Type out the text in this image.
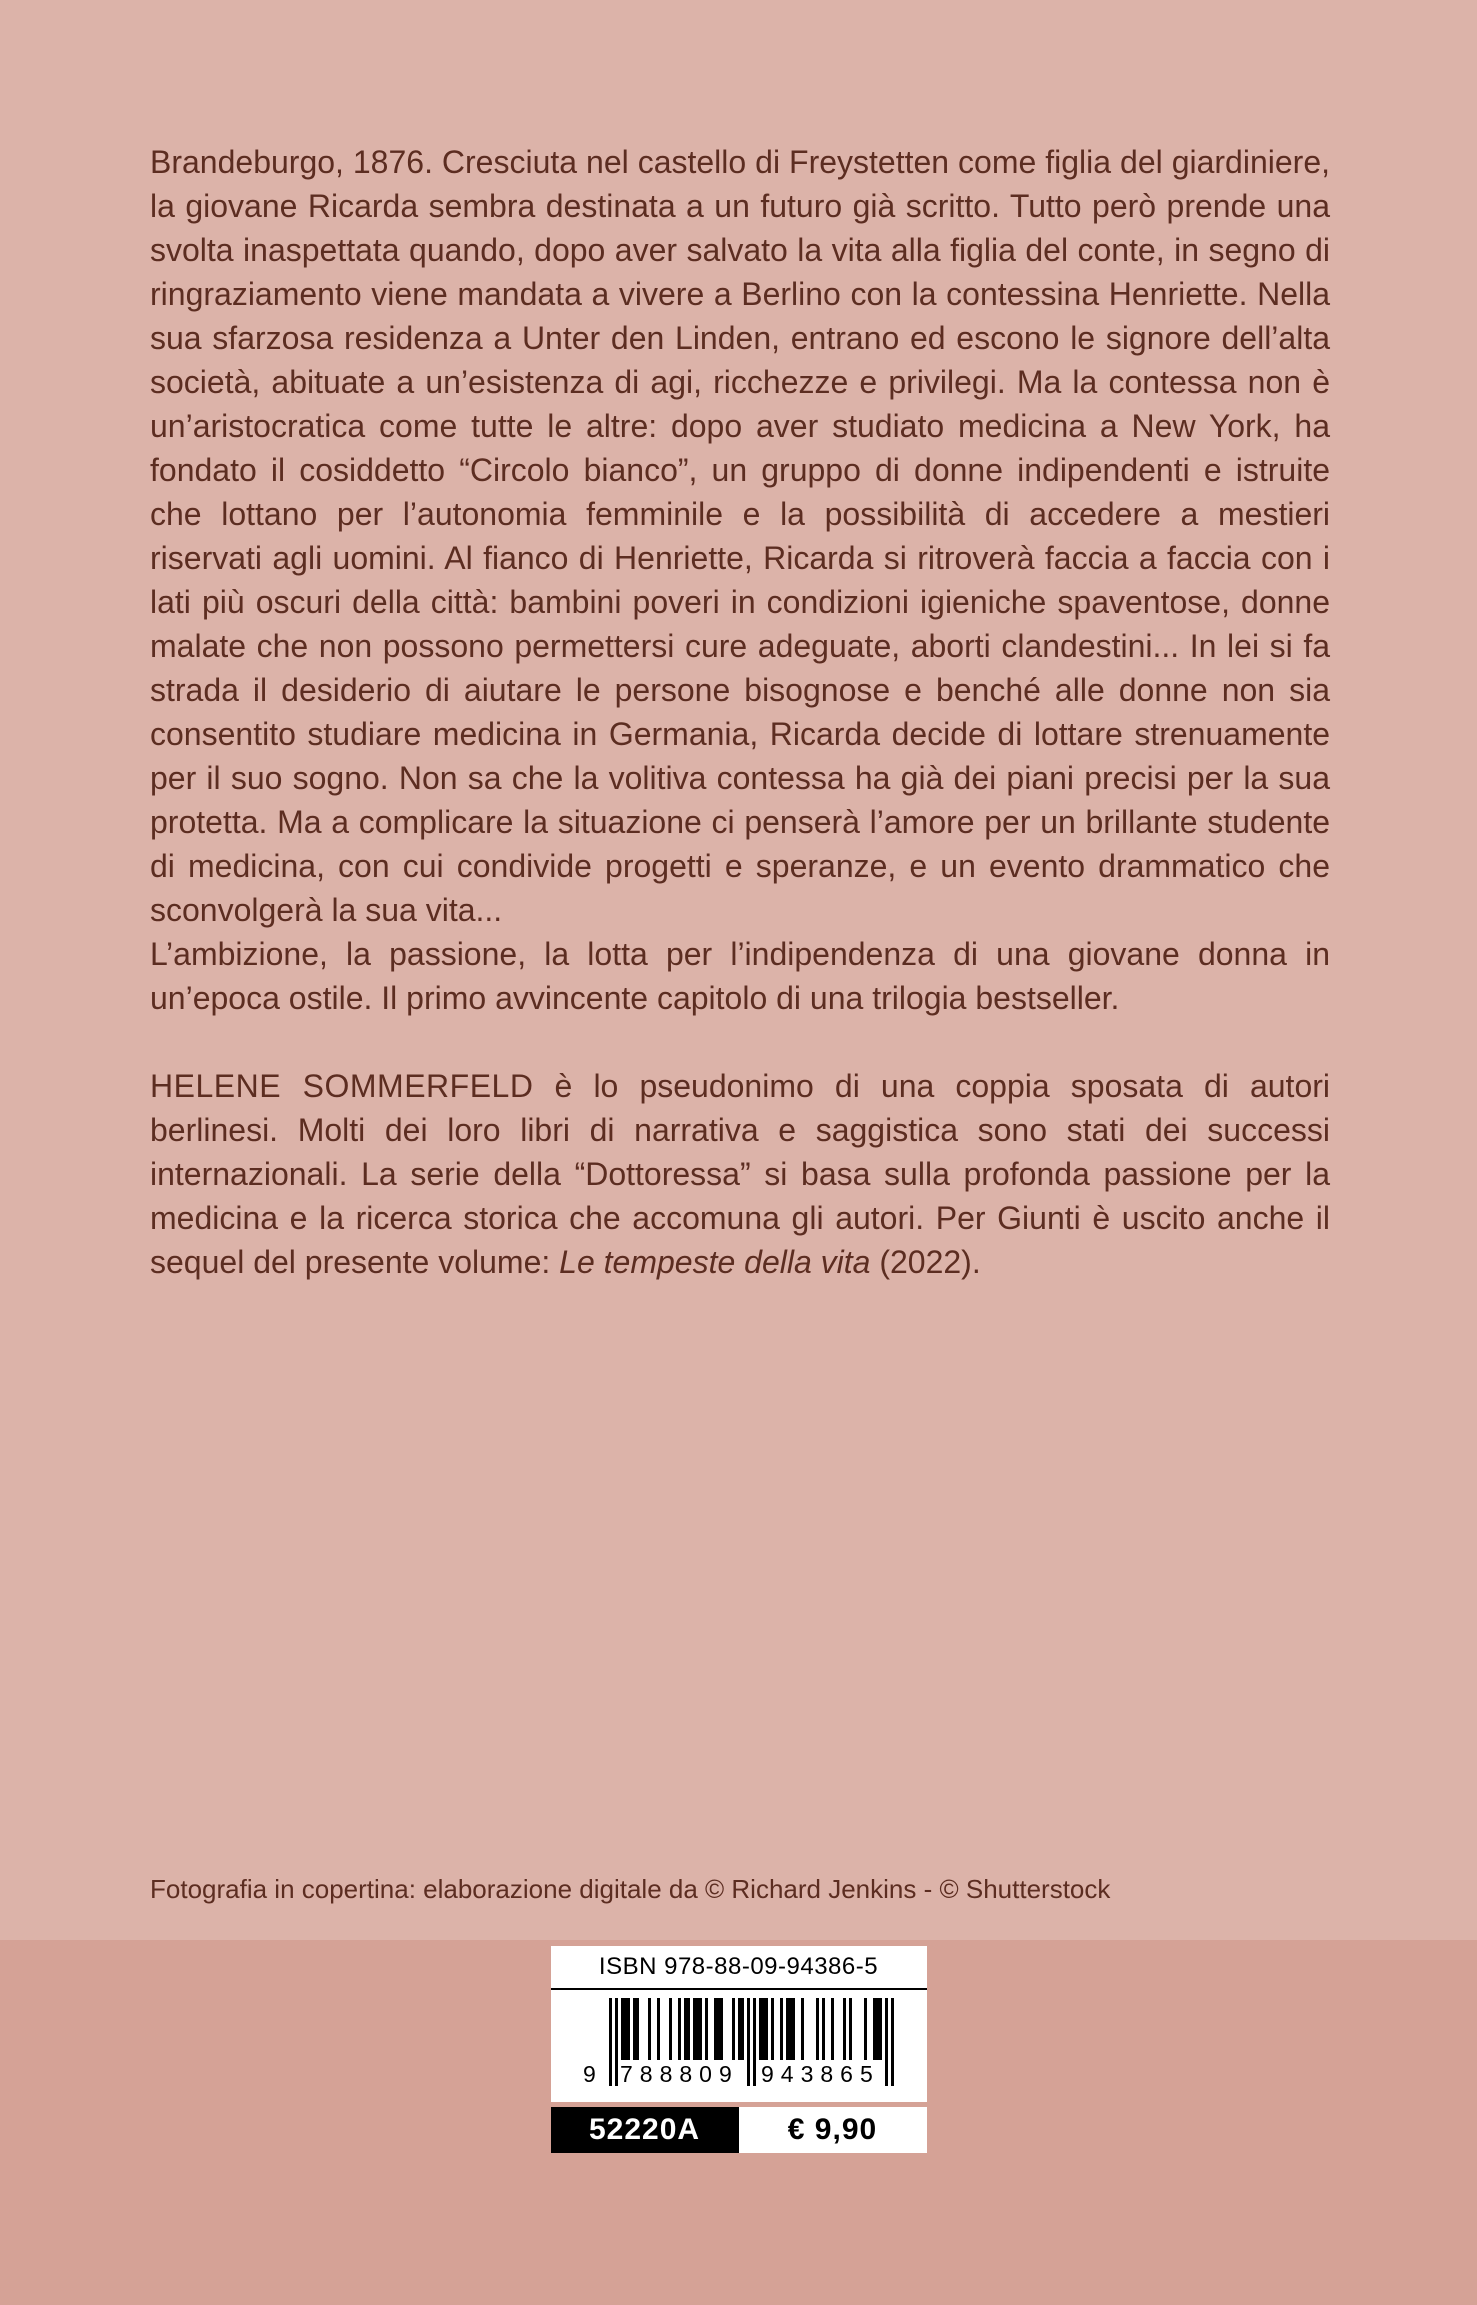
Brandeburgo, 1876. Cresciuta nel castello di Freystetten come figlia del giardiniere, la giovane Ricarda sembra destinata a un futuro già scritto. Tutto però prende una svolta inaspettata quando, dopo aver salvato la vita alla figlia del conte, in segno di ringraziamento viene mandata a vivere a Berlino con la contessina Henriette. Nella sua sfarzosa residenza a Unter den Linden, entrano ed escono le signore dell’alta società, abituate a un’esistenza di agi, ricchezze e privilegi. Ma la contessa non è un’aristocratica come tutte le altre: dopo aver studiato medicina a New York, ha fondato il cosiddetto “Circolo bianco”, un gruppo di donne indipendenti e istruite che lottano per l’autonomia femminile e la possibilità di accedere a mestieri riservati agli uomini. Al fianco di Henriette, Ricarda si ritroverà faccia a faccia con i lati più oscuri della città: bambini poveri in condizioni igieniche spaventose, donne malate che non possono permettersi cure adeguate, aborti clandestini... In lei si fa strada il desiderio di aiutare le persone bisognose e benché alle donne non sia consentito studiare medicina in Germania, Ricarda decide di lottare strenuamente per il suo sogno. Non sa che la volitiva contessa ha già dei piani precisi per la sua protetta. Ma a complicare la situazione ci penserà l’amore per un brillante studente di medicina, con cui condivide progetti e speranze, e un evento drammatico che sconvolgerà la sua vita...

L’ambizione, la passione, la lotta per l’indipendenza di una giovane donna in un’epoca ostile. Il primo avvincente capitolo di una trilogia bestseller.

HELENE SOMMERFELD è lo pseudonimo di una coppia sposata di autori berlinesi. Molti dei loro libri di narrativa e saggistica sono stati dei successi internazionali. La serie della “Dottoressa” si basa sulla profonda passione per la medicina e la ricerca storica che accomuna gli autori. Per Giunti è uscito anche il sequel del presente volume: Le tempeste della vita (2022).

Fotografia in copertina: elaborazione digitale da © Richard Jenkins - © Shutterstock
ISBN 978-88-09-94386-5
9 788809 943865
52220A	€ 9,90
